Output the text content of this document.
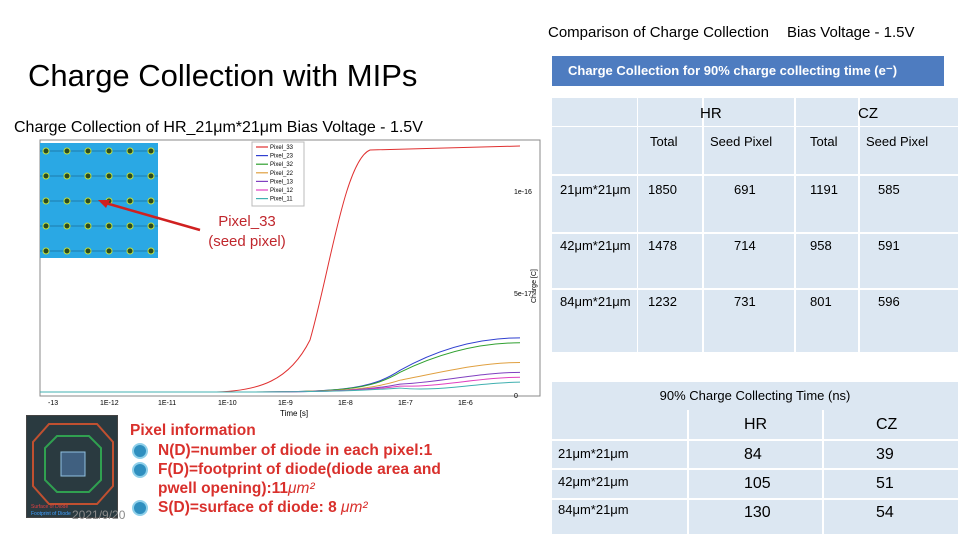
Charge Collection with MIPs
Charge Collection of HR_21μm*21μm Bias Voltage - 1.5V
Comparison of Charge Collection Bias Voltage - 1.5V
Pixel_33
Pixel_23
Pixel_32
Pixel_22
Pixel_13
Pixel_12
Pixel_11
-13	1E-12	1E-11	1E-10	1E-9	1E-8	1E-7	1E-6
1e-16
5e-17
0
Time [s]
Charge [C]
Pixel_33
(seed pixel)
Surface of Diode
Footprint of Diode
Pixel information
N(D)=number of diode in each pixel:1
F(D)=footprint of diode(diode area and
pwell opening):11μm²
S(D)=surface of diode: 8 μm²
2021/9/20
Charge Collection for 90% charge collecting time (e⁻)
HR	CZ
Total	Seed Pixel	Total Seed Pixel
21μm*21μm 1850	691	1191	585
42μm*21μm 1478	714	958	591
84μm*21μm 1232	731	801	596
90% Charge Collecting Time (ns)
HR	CZ
21μm*21μm	84	39
42μm*21μm	105	51
84μm*21μm	130	54
